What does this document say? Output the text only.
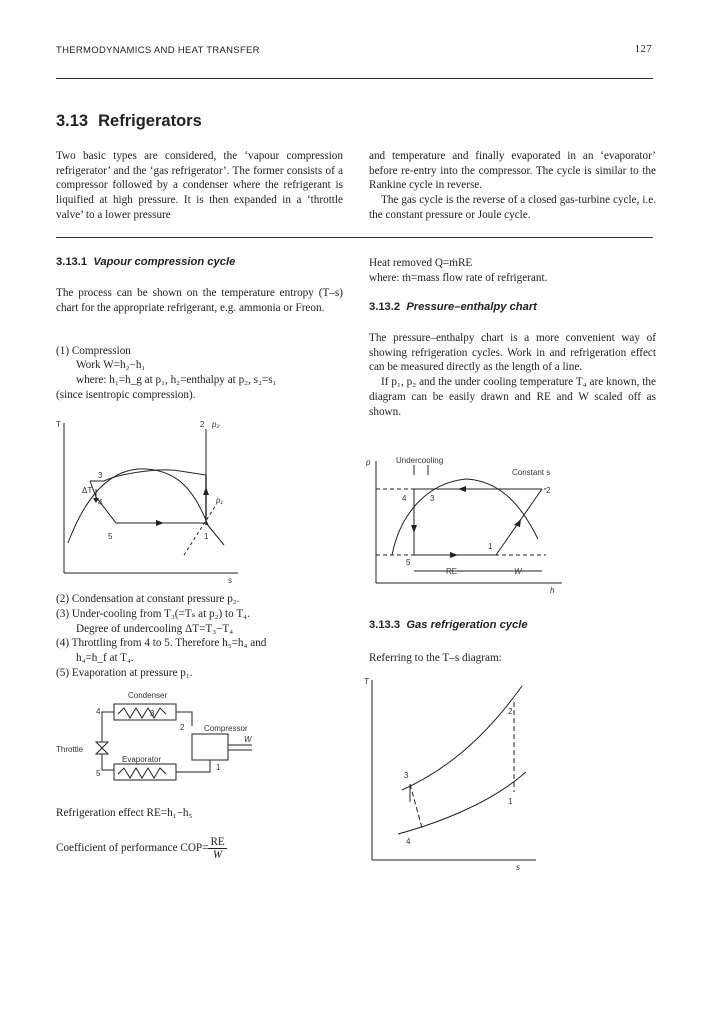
THERMODYNAMICS AND HEAT TRANSFER	127
3.13 Refrigerators
Two basic types are considered, the ‘vapour compression refrigerator’ and the ‘gas refrigerator’. The former consists of a compressor followed by a condenser where the refrigerant is liquified at high pressure. It is then expanded in a ‘throttle valve’ to a lower pressure
and temperature and finally evaporated in an ‘evaporator’ before re-entry into the compressor. The cycle is similar to the Rankine cycle in reverse.
The gas cycle is the reverse of a closed gas-turbine cycle, i.e. the constant pressure or Joule cycle.
3.13.1 Vapour compression cycle
The process can be shown on the temperature entropy (T–s) chart for the appropriate refrigerant, e.g. ammonia or Freon.
(1) Compression
Work W=h₂−h₁
where: h₁=h_g at p₁, h₂=enthalpy at p₂, s₂=s₁
(since isentropic compression).
T
s
2 p₂
3
ΔT
4
5	1
p₁
(2) Condensation at constant pressure p₂.
(3) Under-cooling from T₃(=Tₛ at p₂) to T₄.
Degree of undercooling ΔT=T₃−T₄
(4) Throttling from 4 to 5. Therefore h₅=h₄ and
h₄=h_f at T₄.
(5) Evaporation at pressure p₁.
Condenser
4	3
2 Compressor
W
Throttle
Evaporator
5
1
Refrigeration effect RE=h₁−h₅
Coefficient of performance $COP= \frac{RE}{W}$
Heat removed Q=ṁRE
where: ṁ=mass flow rate of refrigerant.
3.13.2 Pressure–enthalpy chart
The pressure–enthalpy chart is a more convenient way of showing refrigeration cycles. Work in and refrigeration effect can be measured directly as the length of a line.
If p₁, p₂ and the under cooling temperature T₄ are known, the diagram can be easily drawn and RE and W scaled off as shown.
p
h
Undercooling
Constant s
4	3
2
1
5
RE	W
3.13.3 Gas refrigeration cycle
Referring to the T–s diagram:
T
s
2
3
1
4
